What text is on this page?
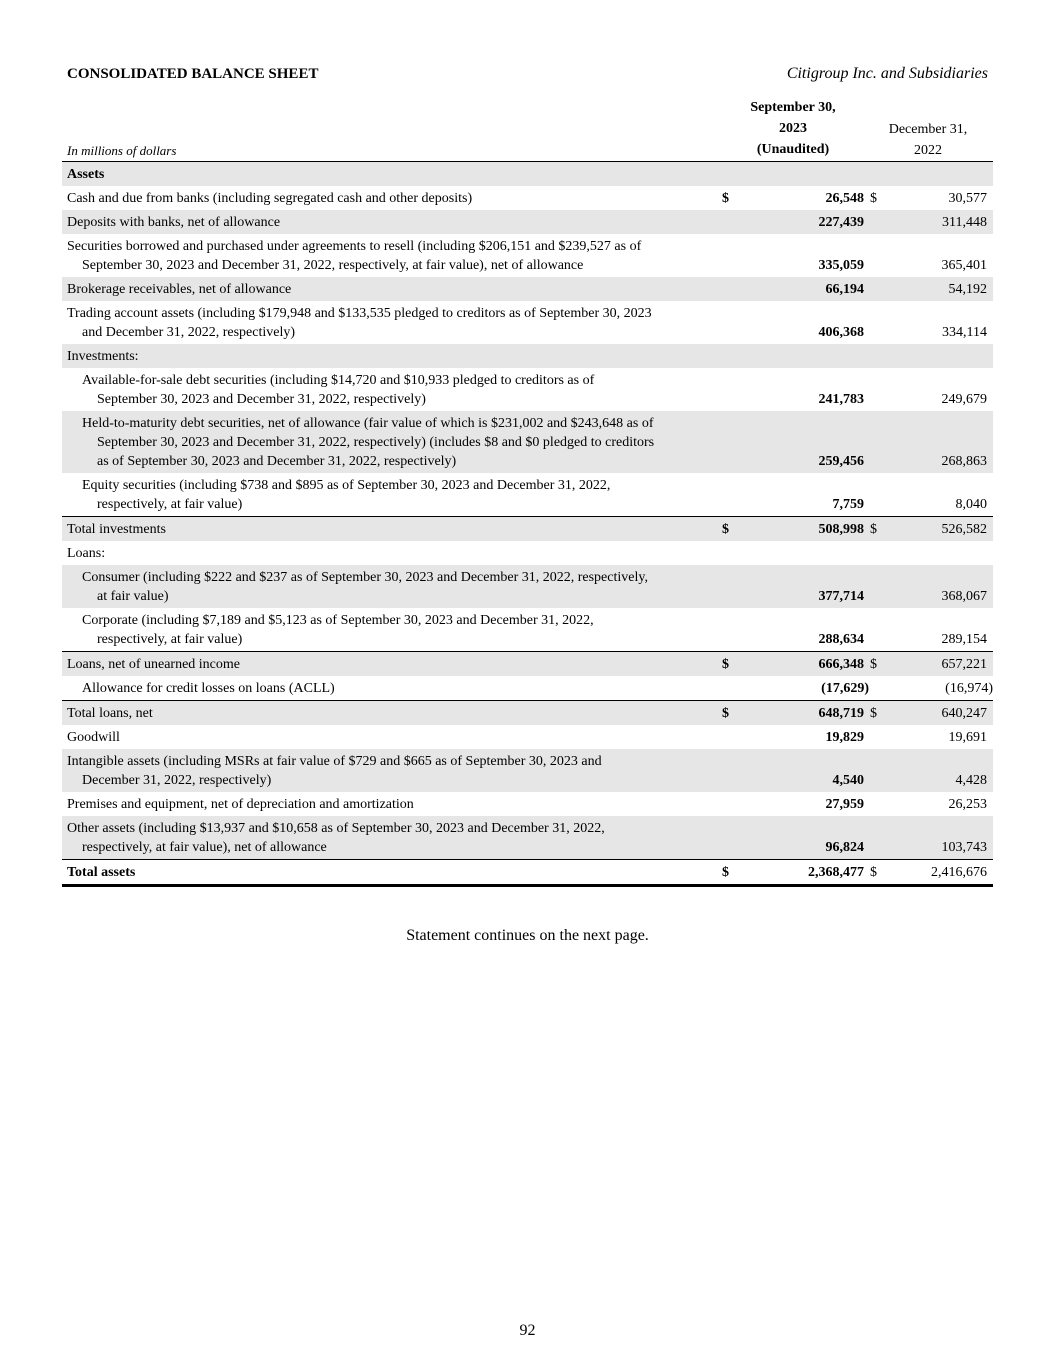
CONSOLIDATED BALANCE SHEET	Citigroup Inc. and Subsidiaries
In millions of dollars
September 30,
2023
(Unaudited)
December 31,
2022
Assets				
Cash and due from banks (including segregated cash and other deposits)	$	26,548	$	30,577
Deposits with banks, net of allowance		227,439		311,448

Securities borrowed and purchased under agreements to resell (including $206,151 and $239,527 as of
September 30, 2023 and December 31, 2022, respectively, at fair value), net of allowance		335,059		365,401
Brokerage receivables, net of allowance		66,194		54,192

Trading account assets (including $179,948 and $133,535 pledged to creditors as of September 30, 2023
and December 31, 2022, respectively)		406,368		334,114
Investments:				

Available-for-sale debt securities (including $14,720 and $10,933 pledged to creditors as of
September 30, 2023 and December 31, 2022, respectively)		241,783		249,679

Held-to-maturity debt securities, net of allowance (fair value of which is $231,002 and $243,648 as of
September 30, 2023 and December 31, 2022, respectively) (includes $8 and $0 pledged to creditors
as of September 30, 2023 and December 31, 2022, respectively)		259,456		268,863

Equity securities (including $738 and $895 as of September 30, 2023 and December 31, 2022,
respectively, at fair value)		7,759		8,040
Total investments	$	508,998	$	526,582
Loans:				

Consumer (including $222 and $237 as of September 30, 2023 and December 31, 2022, respectively,
at fair value)		377,714		368,067

Corporate (including $7,189 and $5,123 as of September 30, 2023 and December 31, 2022,
respectively, at fair value)		288,634		289,154
Loans, net of unearned income	$	666,348	$	657,221

Allowance for credit losses on loans (ACLL)		(17,629)		(16,974)
Total loans, net	$	648,719	$	640,247
Goodwill		19,829		19,691

Intangible assets (including MSRs at fair value of $729 and $665 as of September 30, 2023 and
December 31, 2022, respectively)		4,540		4,428
Premises and equipment, net of depreciation and amortization		27,959		26,253

Other assets (including $13,937 and $10,658 as of September 30, 2023 and December 31, 2022,
respectively, at fair value), net of allowance		96,824		103,743
Total assets	$	2,368,477	$	2,416,676
Statement continues on the next page.
92
